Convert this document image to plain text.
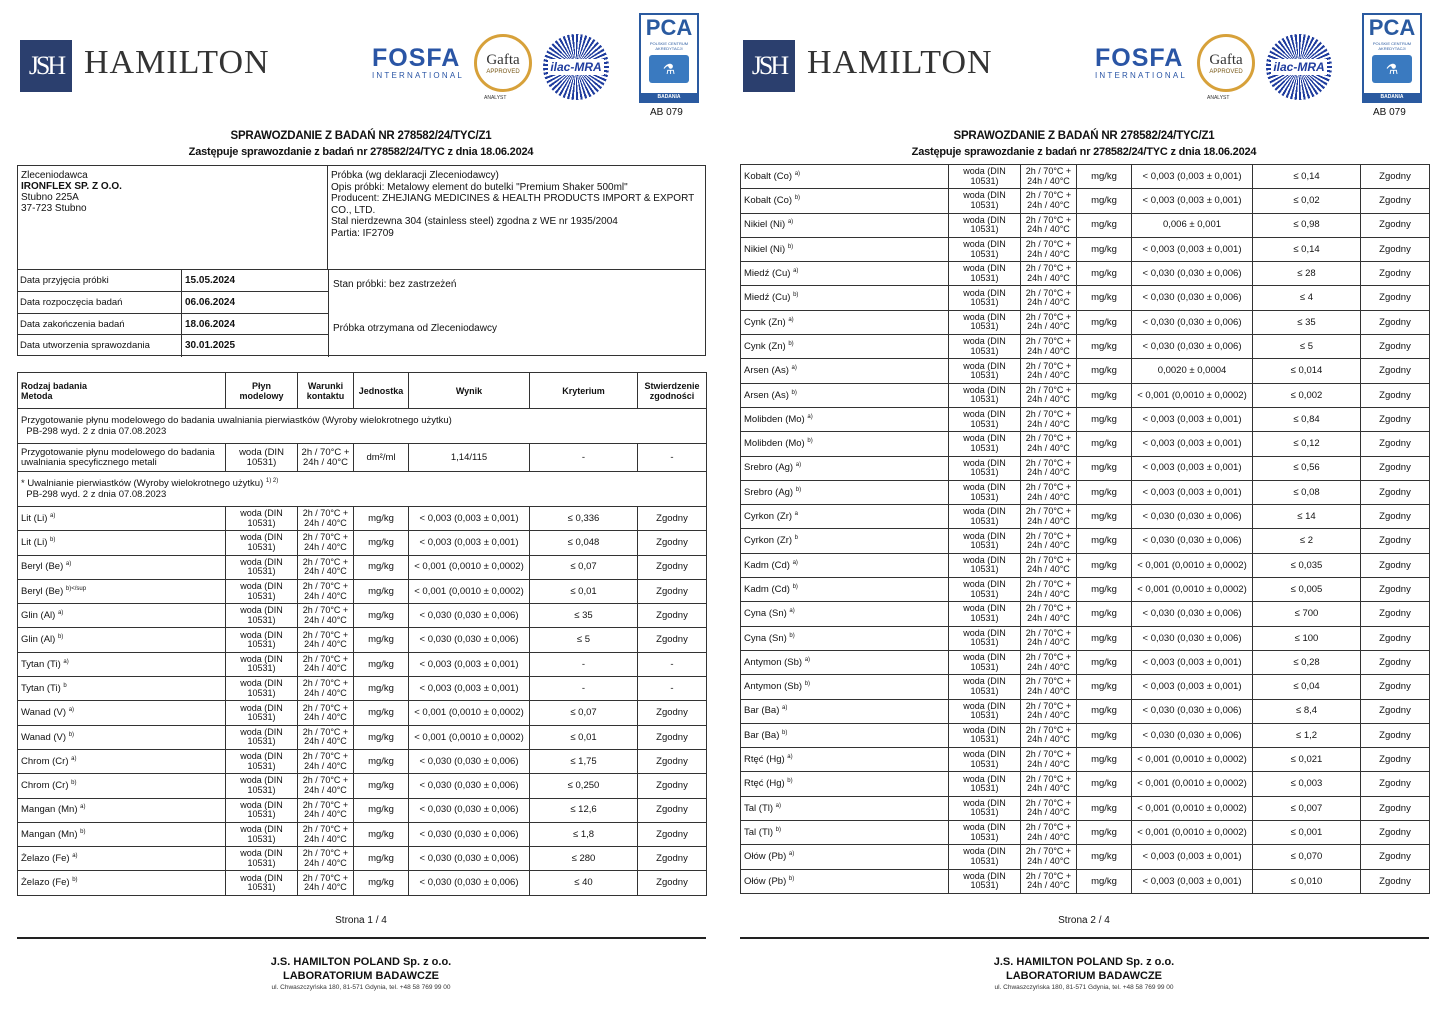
JSH HAMILTON	FOSFA
INTERNATIONAL
Gafta
APPROVED
ANALYST
ilac-MRA
PCA
POLSKIE CENTRUM AKREDYTACJI
⚗
BADANIA
AB 079
SPRAWOZDANIE Z BADAŃ NR 278582/24/TYC/Z1
Zastępuje sprawozdanie z badań nr 278582/24/TYC z dnia 18.06.2024
Zleceniodawca
IRONFLEX SP. Z O.O.
Stubno 225A
37-723 Stubno
Próbka (wg deklaracji Zleceniodawcy)
Opis próbki: Metalowy element do butelki "Premium Shaker 500ml"
Producent: ZHEJIANG MEDICINES & HEALTH PRODUCTS IMPORT & EXPORT CO., LTD.
Stal nierdzewna 304 (stainless steel) zgodna z WE nr 1935/2004
Partia: IF2709
Data przyjęcia próbki	15.05.2024
Data rozpoczęcia badań	06.06.2024
Data zakończenia badań	18.06.2024
Data utworzenia sprawozdania	30.01.2025
Stan próbki: bez zastrzeżeń
Próbka otrzymana od Zleceniodawcy
Rodzaj badania
Metoda	Płyn modelowy	Warunki kontaktu	Jednostka	Wynik	Kryterium	Stwierdzenie zgodności
Przygotowanie płynu modelowego do badania uwalniania pierwiastków (Wyroby wielokrotnego użytku)
PB-298 wyd. 2 z dnia 07.08.2023						
Przygotowanie płynu modelowego do badania uwalniania specyficznego metali	woda (DIN 10531)	2h / 70°C + 24h / 40°C	dm²/ml	1,14/115	-	-
* Uwalnianie pierwiastków (Wyroby wielokrotnego użytku) $^{1) 2)}$
PB-298 wyd. 2 z dnia 07.08.2023						
Lit (Li) $^{a)}$	woda (DIN 10531)	2h / 70°C + 24h / 40°C	mg/kg	< 0,003 (0,003 ± 0,001)	≤ 0,336	Zgodny
Lit (Li) $^{b)}$	woda (DIN 10531)	2h / 70°C + 24h / 40°C	mg/kg	< 0,003 (0,003 ± 0,001)	≤ 0,048	Zgodny
Beryl (Be) $^{a)}$	woda (DIN 10531)	2h / 70°C + 24h / 40°C	mg/kg	< 0,001 (0,0010 ± 0,0002)	≤ 0,07	Zgodny
Beryl (Be) $^{b)</sup}$	woda (DIN 10531)	2h / 70°C + 24h / 40°C	mg/kg	< 0,001 (0,0010 ± 0,0002)	≤ 0,01	Zgodny
Glin (Al) $^{a)}$	woda (DIN 10531)	2h / 70°C + 24h / 40°C	mg/kg	< 0,030 (0,030 ± 0,006)	≤ 35	Zgodny
Glin (Al) $^{b)}$	woda (DIN 10531)	2h / 70°C + 24h / 40°C	mg/kg	< 0,030 (0,030 ± 0,006)	≤ 5	Zgodny
Tytan (Ti) $^{a)}$	woda (DIN 10531)	2h / 70°C + 24h / 40°C	mg/kg	< 0,003 (0,003 ± 0,001)	-	-
Tytan (Ti) $^b$	woda (DIN 10531)	2h / 70°C + 24h / 40°C	mg/kg	< 0,003 (0,003 ± 0,001)	-	-
Wanad (V) $^{a)}$	woda (DIN 10531)	2h / 70°C + 24h / 40°C	mg/kg	< 0,001 (0,0010 ± 0,0002)	≤ 0,07	Zgodny
Wanad (V) $^{b)}$	woda (DIN 10531)	2h / 70°C + 24h / 40°C	mg/kg	< 0,001 (0,0010 ± 0,0002)	≤ 0,01	Zgodny
Chrom (Cr) $^{a)}$	woda (DIN 10531)	2h / 70°C + 24h / 40°C	mg/kg	< 0,030 (0,030 ± 0,006)	≤ 1,75	Zgodny
Chrom (Cr) $^{b)}$	woda (DIN 10531)	2h / 70°C + 24h / 40°C	mg/kg	< 0,030 (0,030 ± 0,006)	≤ 0,250	Zgodny
Mangan (Mn) $^{a)}$	woda (DIN 10531)	2h / 70°C + 24h / 40°C	mg/kg	< 0,030 (0,030 ± 0,006)	≤ 12,6	Zgodny
Mangan (Mn) $^{b)}$	woda (DIN 10531)	2h / 70°C + 24h / 40°C	mg/kg	< 0,030 (0,030 ± 0,006)	≤ 1,8	Zgodny
Żelazo (Fe) $^{a)}$	woda (DIN 10531)	2h / 70°C + 24h / 40°C	mg/kg	< 0,030 (0,030 ± 0,006)	≤ 280	Zgodny
Żelazo (Fe) $^{b)}$	woda (DIN 10531)	2h / 70°C + 24h / 40°C	mg/kg	< 0,030 (0,030 ± 0,006)	≤ 40	Zgodny
Strona 1 / 4
J.S. HAMILTON POLAND Sp. z o.o.
LABORATORIUM BADAWCZE
ul. Chwaszczyńska 180, 81-571 Gdynia, tel. +48 58 769 99 00
JSH HAMILTON	FOSFA
INTERNATIONAL
Gafta
APPROVED
ANALYST
ilac-MRA
PCA
POLSKIE CENTRUM AKREDYTACJI
⚗
BADANIA
AB 079
SPRAWOZDANIE Z BADAŃ NR 278582/24/TYC/Z1
Zastępuje sprawozdanie z badań nr 278582/24/TYC z dnia 18.06.2024
Kobalt (Co) $^{a)}$	woda (DIN 10531)	2h / 70°C + 24h / 40°C	mg/kg	< 0,003 (0,003 ± 0,001)	≤ 0,14	Zgodny
Kobalt (Co) $^{b)}$	woda (DIN 10531)	2h / 70°C + 24h / 40°C	mg/kg	< 0,003 (0,003 ± 0,001)	≤ 0,02	Zgodny
Nikiel (Ni) $^{a)}$	woda (DIN 10531)	2h / 70°C + 24h / 40°C	mg/kg	0,006 ± 0,001	≤ 0,98	Zgodny
Nikiel (Ni) $^{b)}$	woda (DIN 10531)	2h / 70°C + 24h / 40°C	mg/kg	< 0,003 (0,003 ± 0,001)	≤ 0,14	Zgodny
Miedź (Cu) $^{a)}$	woda (DIN 10531)	2h / 70°C + 24h / 40°C	mg/kg	< 0,030 (0,030 ± 0,006)	≤ 28	Zgodny
Miedź (Cu) $^{b)}$	woda (DIN 10531)	2h / 70°C + 24h / 40°C	mg/kg	< 0,030 (0,030 ± 0,006)	≤ 4	Zgodny
Cynk (Zn) $^{a)}$	woda (DIN 10531)	2h / 70°C + 24h / 40°C	mg/kg	< 0,030 (0,030 ± 0,006)	≤ 35	Zgodny
Cynk (Zn) $^{b)}$	woda (DIN 10531)	2h / 70°C + 24h / 40°C	mg/kg	< 0,030 (0,030 ± 0,006)	≤ 5	Zgodny
Arsen (As) $^{a)}$	woda (DIN 10531)	2h / 70°C + 24h / 40°C	mg/kg	0,0020 ± 0,0004	≤ 0,014	Zgodny
Arsen (As) $^{b)}$	woda (DIN 10531)	2h / 70°C + 24h / 40°C	mg/kg	< 0,001 (0,0010 ± 0,0002)	≤ 0,002	Zgodny
Molibden (Mo) $^{a)}$	woda (DIN 10531)	2h / 70°C + 24h / 40°C	mg/kg	< 0,003 (0,003 ± 0,001)	≤ 0,84	Zgodny
Molibden (Mo) $^{b)}$	woda (DIN 10531)	2h / 70°C + 24h / 40°C	mg/kg	< 0,003 (0,003 ± 0,001)	≤ 0,12	Zgodny
Srebro (Ag) $^{a)}$	woda (DIN 10531)	2h / 70°C + 24h / 40°C	mg/kg	< 0,003 (0,003 ± 0,001)	≤ 0,56	Zgodny
Srebro (Ag) $^{b)}$	woda (DIN 10531)	2h / 70°C + 24h / 40°C	mg/kg	< 0,003 (0,003 ± 0,001)	≤ 0,08	Zgodny
Cyrkon (Zr) $^a$	woda (DIN 10531)	2h / 70°C + 24h / 40°C	mg/kg	< 0,030 (0,030 ± 0,006)	≤ 14	Zgodny
Cyrkon (Zr) $^b$	woda (DIN 10531)	2h / 70°C + 24h / 40°C	mg/kg	< 0,030 (0,030 ± 0,006)	≤ 2	Zgodny
Kadm (Cd) $^{a)}$	woda (DIN 10531)	2h / 70°C + 24h / 40°C	mg/kg	< 0,001 (0,0010 ± 0,0002)	≤ 0,035	Zgodny
Kadm (Cd) $^{b)}$	woda (DIN 10531)	2h / 70°C + 24h / 40°C	mg/kg	< 0,001 (0,0010 ± 0,0002)	≤ 0,005	Zgodny
Cyna (Sn) $^{a)}$	woda (DIN 10531)	2h / 70°C + 24h / 40°C	mg/kg	< 0,030 (0,030 ± 0,006)	≤ 700	Zgodny
Cyna (Sn) $^{b)}$	woda (DIN 10531)	2h / 70°C + 24h / 40°C	mg/kg	< 0,030 (0,030 ± 0,006)	≤ 100	Zgodny
Antymon (Sb) $^{a)}$	woda (DIN 10531)	2h / 70°C + 24h / 40°C	mg/kg	< 0,003 (0,003 ± 0,001)	≤ 0,28	Zgodny
Antymon (Sb) $^{b)}$	woda (DIN 10531)	2h / 70°C + 24h / 40°C	mg/kg	< 0,003 (0,003 ± 0,001)	≤ 0,04	Zgodny
Bar (Ba) $^{a)}$	woda (DIN 10531)	2h / 70°C + 24h / 40°C	mg/kg	< 0,030 (0,030 ± 0,006)	≤ 8,4	Zgodny
Bar (Ba) $^{b)}$	woda (DIN 10531)	2h / 70°C + 24h / 40°C	mg/kg	< 0,030 (0,030 ± 0,006)	≤ 1,2	Zgodny
Rtęć (Hg) $^{a)}$	woda (DIN 10531)	2h / 70°C + 24h / 40°C	mg/kg	< 0,001 (0,0010 ± 0,0002)	≤ 0,021	Zgodny
Rtęć (Hg) $^{b)}$	woda (DIN 10531)	2h / 70°C + 24h / 40°C	mg/kg	< 0,001 (0,0010 ± 0,0002)	≤ 0,003	Zgodny
Tal (Tl) $^{a)}$	woda (DIN 10531)	2h / 70°C + 24h / 40°C	mg/kg	< 0,001 (0,0010 ± 0,0002)	≤ 0,007	Zgodny
Tal (Tl) $^{b)}$	woda (DIN 10531)	2h / 70°C + 24h / 40°C	mg/kg	< 0,001 (0,0010 ± 0,0002)	≤ 0,001	Zgodny
Ołów (Pb) $^{a)}$	woda (DIN 10531)	2h / 70°C + 24h / 40°C	mg/kg	< 0,003 (0,003 ± 0,001)	≤ 0,070	Zgodny
Ołów (Pb) $^{b)}$	woda (DIN 10531)	2h / 70°C + 24h / 40°C	mg/kg	< 0,003 (0,003 ± 0,001)	≤ 0,010	Zgodny
Strona 2 / 4
J.S. HAMILTON POLAND Sp. z o.o.
LABORATORIUM BADAWCZE
ul. Chwaszczyńska 180, 81-571 Gdynia, tel. +48 58 769 99 00
